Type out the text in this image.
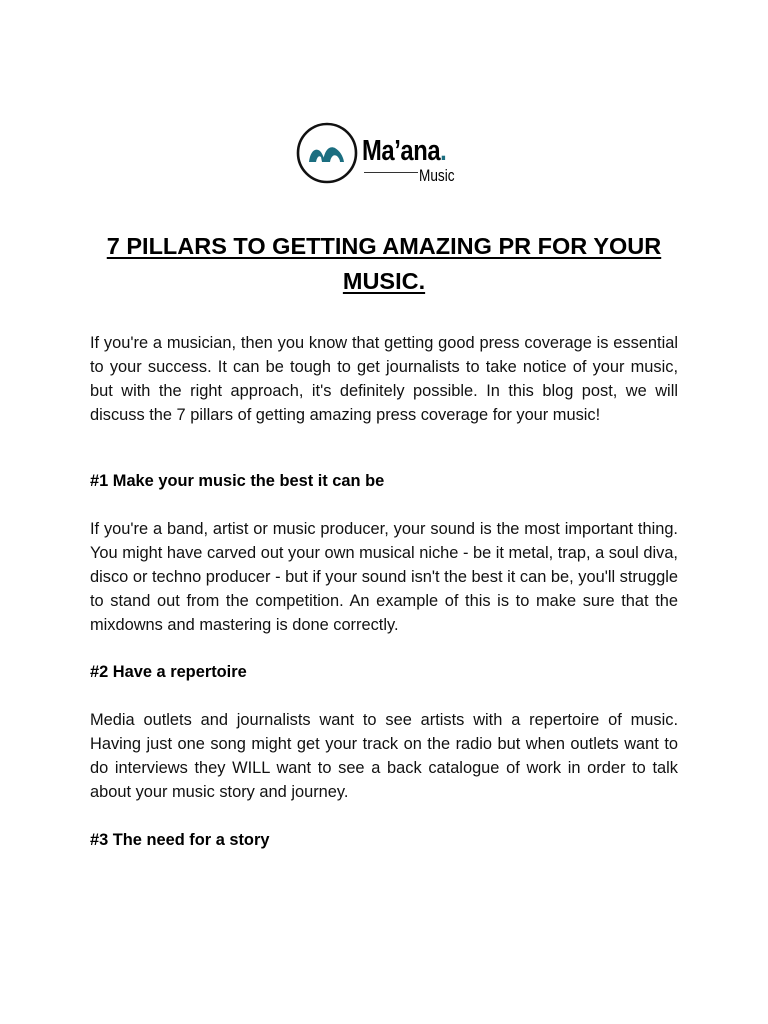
Ma’ana.
Music
7 PILLARS TO GETTING AMAZING PR FOR YOUR MUSIC.

If you're a musician, then you know that getting good press coverage is essential to your success. It can be tough to get journalists to take notice of your music, but with the right approach, it's definitely possible. In this blog post, we will discuss the 7 pillars of getting amazing press coverage for your music!

#1 Make your music the best it can be

If you're a band, artist or music producer, your sound is the most important thing. You might have carved out your own musical niche - be it metal, trap, a soul diva, disco or techno producer - but if your sound isn't the best it can be, you'll struggle to stand out from the competition. An example of this is to make sure that the mixdowns and mastering is done correctly.

#2 Have a repertoire

Media outlets and journalists want to see artists with a repertoire of music. Having just one song might get your track on the radio but when outlets want to do interviews they WILL want to see a back catalogue of work in order to talk about your music story and journey.

#3 The need for a story
